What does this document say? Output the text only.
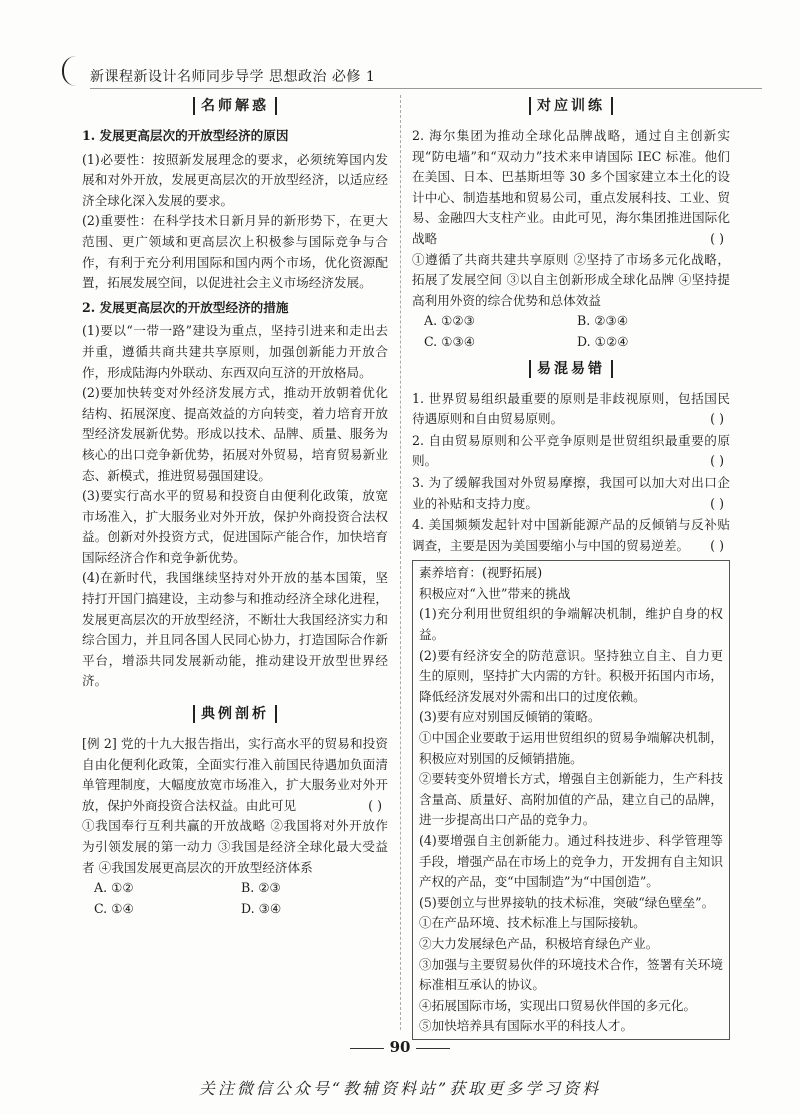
新课程新设计名师同步导学 思想政治 必修 1
名师解惑
1. 发展更高层次的开放型经济的原因

(1)必要性：按照新发展理念的要求，必须统筹国内发展和对外开放，发展更高层次的开放型经济，以适应经济全球化深入发展的要求。

(2)重要性：在科学技术日新月异的新形势下，在更大范围、更广领域和更高层次上积极参与国际竞争与合作，有利于充分利用国际和国内两个市场，优化资源配置，拓展发展空间，以促进社会主义市场经济发展。

2. 发展更高层次的开放型经济的措施

(1)要以“一带一路”建设为重点，坚持引进来和走出去并重，遵循共商共建共享原则，加强创新能力开放合作，形成陆海内外联动、东西双向互济的开放格局。

(2)要加快转变对外经济发展方式，推动开放朝着优化结构、拓展深度、提高效益的方向转变，着力培育开放型经济发展新优势。形成以技术、品牌、质量、服务为核心的出口竞争新优势，拓展对外贸易，培育贸易新业态、新模式，推进贸易强国建设。

(3)要实行高水平的贸易和投资自由便利化政策，放宽市场准入，扩大服务业对外开放，保护外商投资合法权益。创新对外投资方式，促进国际产能合作，加快培育国际经济合作和竞争新优势。

(4)在新时代，我国继续坚持对外开放的基本国策，坚持打开国门搞建设，主动参与和推动经济全球化进程，发展更高层次的开放型经济，不断壮大我国经济实力和综合国力，并且同各国人民同心协力，打造国际合作新平台，增添共同发展新动能，推动建设开放型世界经济。

典例剖析

[例 2] 党的十九大报告指出，实行高水平的贸易和投资自由化便利化政策，全面实行准入前国民待遇加负面清单管理制度，大幅度放宽市场准入，扩大服务业对外开放，保护外商投资合法权益。由此可见	( )

①我国奉行互利共赢的开放战略 ②我国将对外开放作为引领发展的第一动力 ③我国是经济全球化最大受益者 ④我国发展更高层次的开放型经济体系

A. ①②	B. ②③
C. ①④	D. ③④
对应训练

2. 海尔集团为推动全球化品牌战略，通过自主创新实现“防电墙”和“双动力”技术来申请国际 IEC 标准。他们在美国、日本、巴基斯坦等 30 多个国家建立本土化的设计中心、制造基地和贸易公司，重点发展科技、工业、贸易、金融四大支柱产业。由此可见，海尔集团推进国际化战略	( )

①遵循了共商共建共享原则 ②坚持了市场多元化战略，拓展了发展空间 ③以自主创新形成全球化品牌 ④坚持提高利用外资的综合优势和总体效益

A. ①②③	B. ②③④
C. ①③④	D. ①②④
易混易错

1. 世界贸易组织最重要的原则是非歧视原则，包括国民待遇原则和自由贸易原则。	( )

2. 自由贸易原则和公平竞争原则是世贸组织最重要的原则。	( )

3. 为了缓解我国对外贸易摩擦，我国可以加大对出口企业的补贴和支持力度。	( )

4. 美国频频发起针对中国新能源产品的反倾销与反补贴调查，主要是因为美国要缩小与中国的贸易逆差。 ( )

素养培育：(视野拓展)

积极应对“入世”带来的挑战

(1)充分利用世贸组织的争端解决机制，维护自身的权益。

(2)要有经济安全的防范意识。坚持独立自主、自力更生的原则，坚持扩大内需的方针。积极开拓国内市场，降低经济发展对外需和出口的过度依赖。

(3)要有应对别国反倾销的策略。

①中国企业要敢于运用世贸组织的贸易争端解决机制，积极应对别国的反倾销措施。

②要转变外贸增长方式，增强自主创新能力，生产科技含量高、质量好、高附加值的产品，建立自己的品牌，进一步提高出口产品的竞争力。

(4)要增强自主创新能力。通过科技进步、科学管理等手段，增强产品在市场上的竞争力，开发拥有自主知识产权的产品，变“中国制造”为“中国创造”。

(5)要创立与世界接轨的技术标准，突破“绿色壁垒”。

①在产品环境、技术标准上与国际接轨。

②大力发展绿色产品，积极培育绿色产业。

③加强与主要贸易伙伴的环境技术合作，签署有关环境标准相互承认的协议。

④拓展国际市场，实现出口贸易伙伴国的多元化。

⑤加快培养具有国际水平的科技人才。

90
关注微信公众号“教辅资料站”获取更多学习资料
